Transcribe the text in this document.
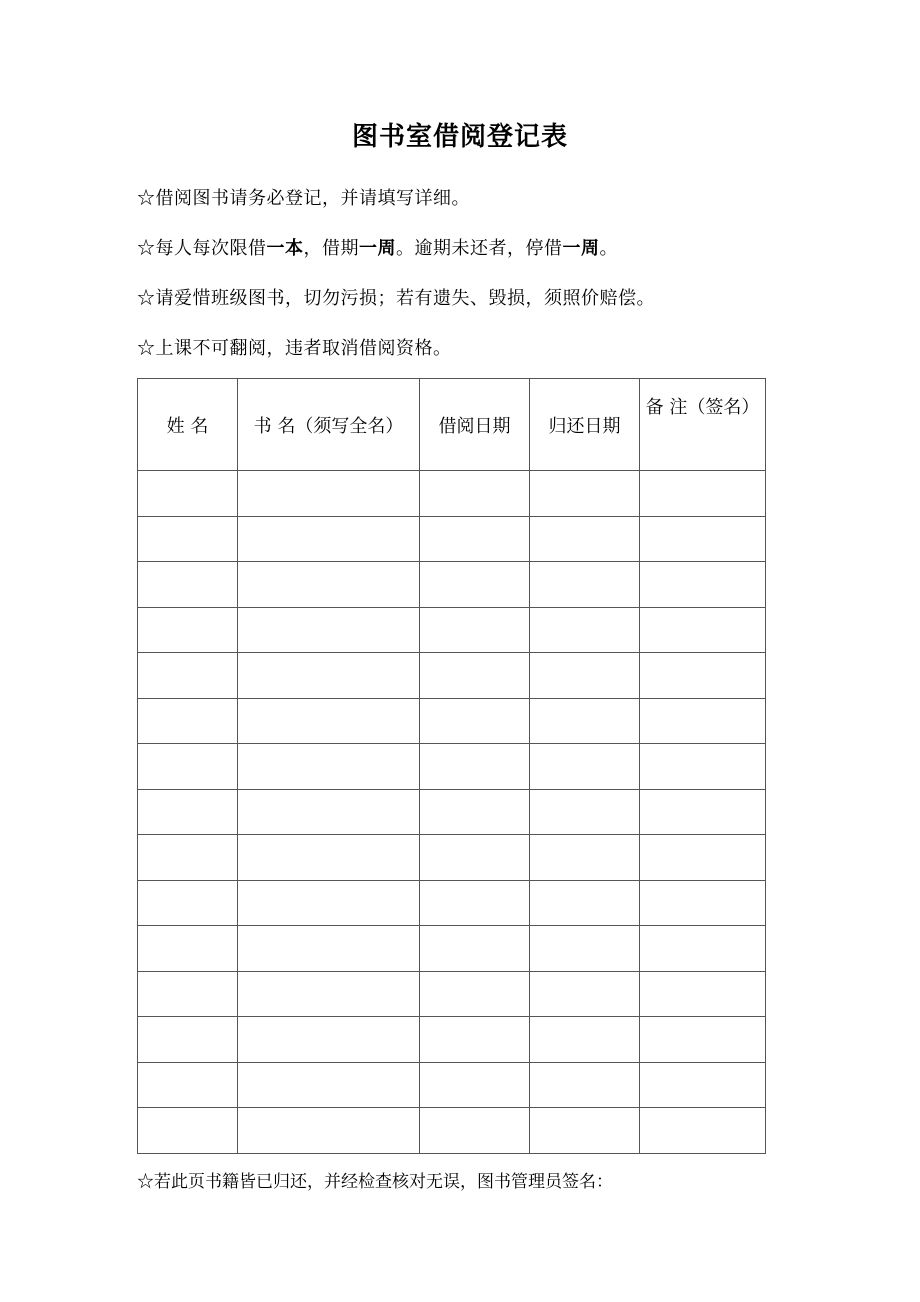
图书室借阅登记表
☆借阅图书请务必登记，并请填写详细。
☆每人每次限借一本，借期一周。逾期未还者，停借一周。
☆请爱惜班级图书，切勿污损；若有遗失、毁损，须照价赔偿。
☆上课不可翻阅，违者取消借阅资格。
姓 名	书 名（须写全名）	借阅日期	归还日期	备 注（签名）

☆若此页书籍皆已归还，并经检查核对无误，图书管理员签名：
